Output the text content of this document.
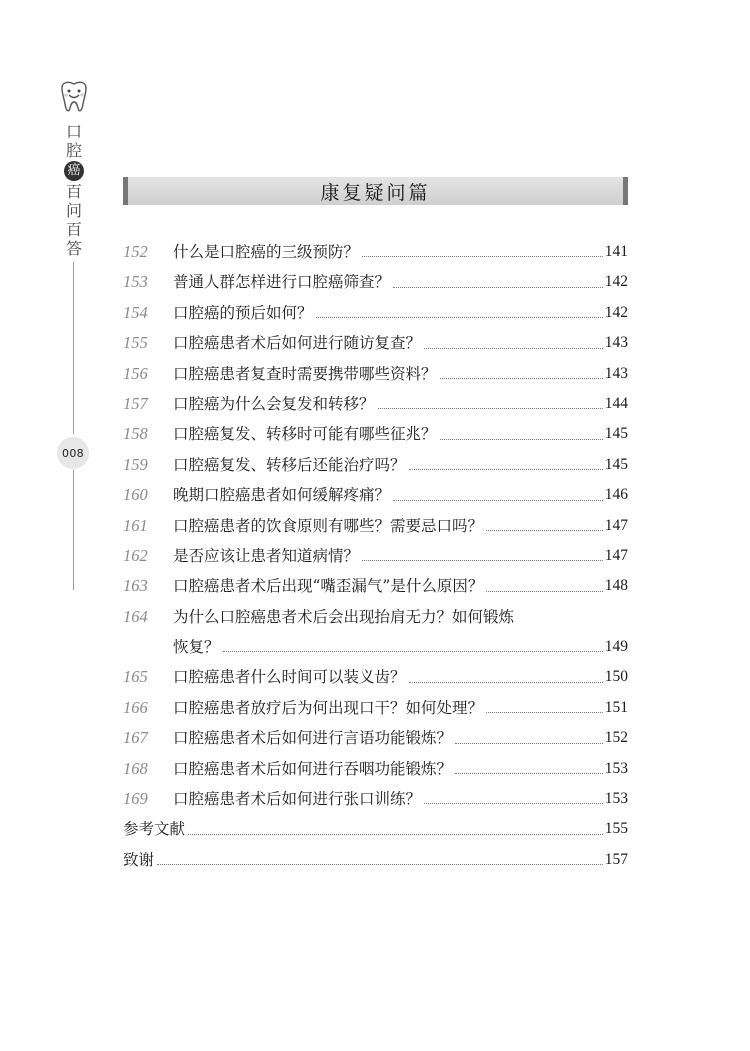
口
腔
癌
百
问
百
答
008
康复疑问篇
152	什么是口腔癌的三级预防？	141
153	普通人群怎样进行口腔癌筛查？	142
154	口腔癌的预后如何？	142
155	口腔癌患者术后如何进行随访复查？	143
156	口腔癌患者复查时需要携带哪些资料？	143
157	口腔癌为什么会复发和转移？	144
158	口腔癌复发、转移时可能有哪些征兆？	145
159	口腔癌复发、转移后还能治疗吗？	145
160	晚期口腔癌患者如何缓解疼痛？	146
161	口腔癌患者的饮食原则有哪些？需要忌口吗？	147
162	是否应该让患者知道病情？	147
163	口腔癌患者术后出现“嘴歪漏气”是什么原因？	148
164	为什么口腔癌患者术后会出现抬肩无力？如何锻炼
恢复？	149
165	口腔癌患者什么时间可以装义齿？	150
166	口腔癌患者放疗后为何出现口干？如何处理？	151
167	口腔癌患者术后如何进行言语功能锻炼？	152
168	口腔癌患者术后如何进行吞咽功能锻炼？	153
169	口腔癌患者术后如何进行张口训练？	153
参考文献	155
致谢	157
